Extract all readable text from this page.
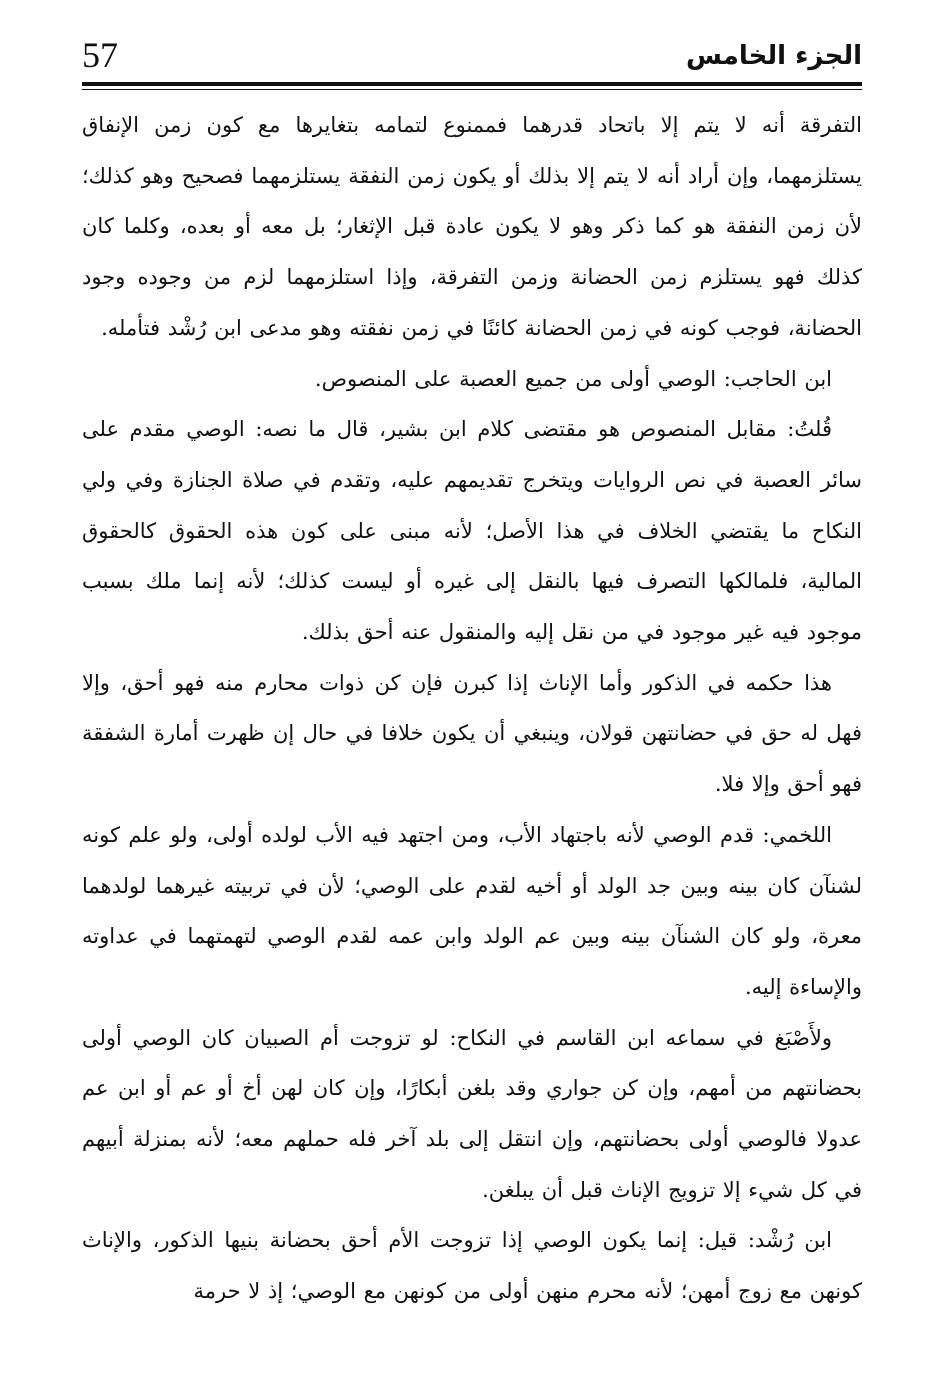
57	الجزء الخامس

التفرقة أنه لا يتم إلا باتحاد قدرهما فممنوع لتمامه بتغايرها مع كون زمن الإنفاق يستلزمهما، وإن أراد أنه لا يتم إلا بذلك أو يكون زمن النفقة يستلزمهما فصحيح وهو كذلك؛ لأن زمن النفقة هو كما ذكر وهو لا يكون عادة قبل الإثغار؛ بل معه أو بعده، وكلما كان كذلك فهو يستلزم زمن الحضانة وزمن التفرقة، وإذا استلزمهما لزم من وجوده وجود الحضانة، فوجب كونه في زمن الحضانة كائنًا في زمن نفقته وهو مدعى ابن رُشْد فتأمله.

ابن الحاجب: الوصي أولى من جميع العصبة على المنصوص.

قُلتُ: مقابل المنصوص هو مقتضى كلام ابن بشير، قال ما نصه: الوصي مقدم على سائر العصبة في نص الروايات ويتخرج تقديمهم عليه، وتقدم في صلاة الجنازة وفي ولي النكاح ما يقتضي الخلاف في هذا الأصل؛ لأنه مبنى على كون هذه الحقوق كالحقوق المالية، فلمالكها التصرف فيها بالنقل إلى غيره أو ليست كذلك؛ لأنه إنما ملك بسبب موجود فيه غير موجود في من نقل إليه والمنقول عنه أحق بذلك.

هذا حكمه في الذكور وأما الإناث إذا كبرن فإن كن ذوات محارم منه فهو أحق، وإلا فهل له حق في حضانتهن قولان، وينبغي أن يكون خلافا في حال إن ظهرت أمارة الشفقة فهو أحق وإلا فلا.

اللخمي: قدم الوصي لأنه باجتهاد الأب، ومن اجتهد فيه الأب لولده أولى، ولو علم كونه لشنآن كان بينه وبين جد الولد أو أخيه لقدم على الوصي؛ لأن في تربيته غيرهما لولدهما معرة، ولو كان الشنآن بينه وبين عم الولد وابن عمه لقدم الوصي لتهمتهما في عداوته والإساءة إليه.

ولأَصْبَغ في سماعه ابن القاسم في النكاح: لو تزوجت أم الصبيان كان الوصي أولى بحضانتهم من أمهم، وإن كن جواري وقد بلغن أبكارًا، وإن كان لهن أخ أو عم أو ابن عم عدولا فالوصي أولى بحضانتهم، وإن انتقل إلى بلد آخر فله حملهم معه؛ لأنه بمنزلة أبيهم في كل شيء إلا تزويج الإناث قبل أن يبلغن.

ابن رُشْد: قيل: إنما يكون الوصي إذا تزوجت الأم أحق بحضانة بنيها الذكور، والإناث كونهن مع زوج أمهن؛ لأنه محرم منهن أولى من كونهن مع الوصي؛ إذ لا حرمة
